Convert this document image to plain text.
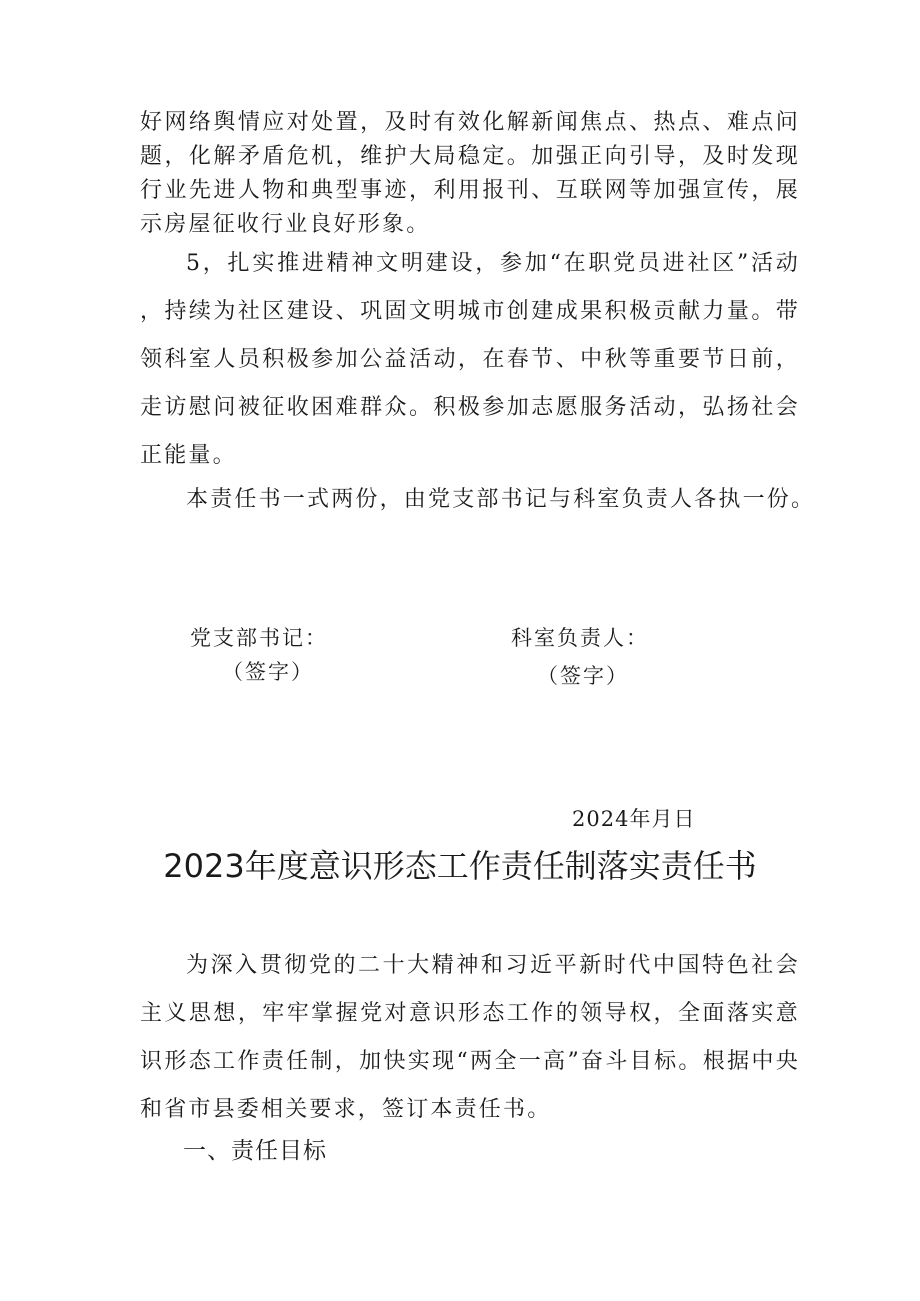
好网络舆情应对处置，及时有效化解新闻焦点、热点、难点问题，化解矛盾危机，维护大局稳定。加强正向引导，及时发现行业先进人物和典型事迹，利用报刊、互联网等加强宣传，展示房屋征收行业良好形象。

5，扎实推进精神文明建设，参加“在职党员进社区”活动，持续为社区建设、巩固文明城市创建成果积极贡献力量。带领科室人员积极参加公益活动，在春节、中秋等重要节日前，走访慰问被征收困难群众。积极参加志愿服务活动，弘扬社会正能量。

本责任书一式两份，由党支部书记与科室负责人各执一份。

党支部书记：
（签字）
科室负责人：
（签字）
2024年月日
2023年度意识形态工作责任制落实责任书

为深入贯彻党的二十大精神和习近平新时代中国特色社会主义思想，牢牢掌握党对意识形态工作的领导权，全面落实意识形态工作责任制，加快实现“两全一高”奋斗目标。根据中央和省市县委相关要求，签订本责任书。

一、责任目标
